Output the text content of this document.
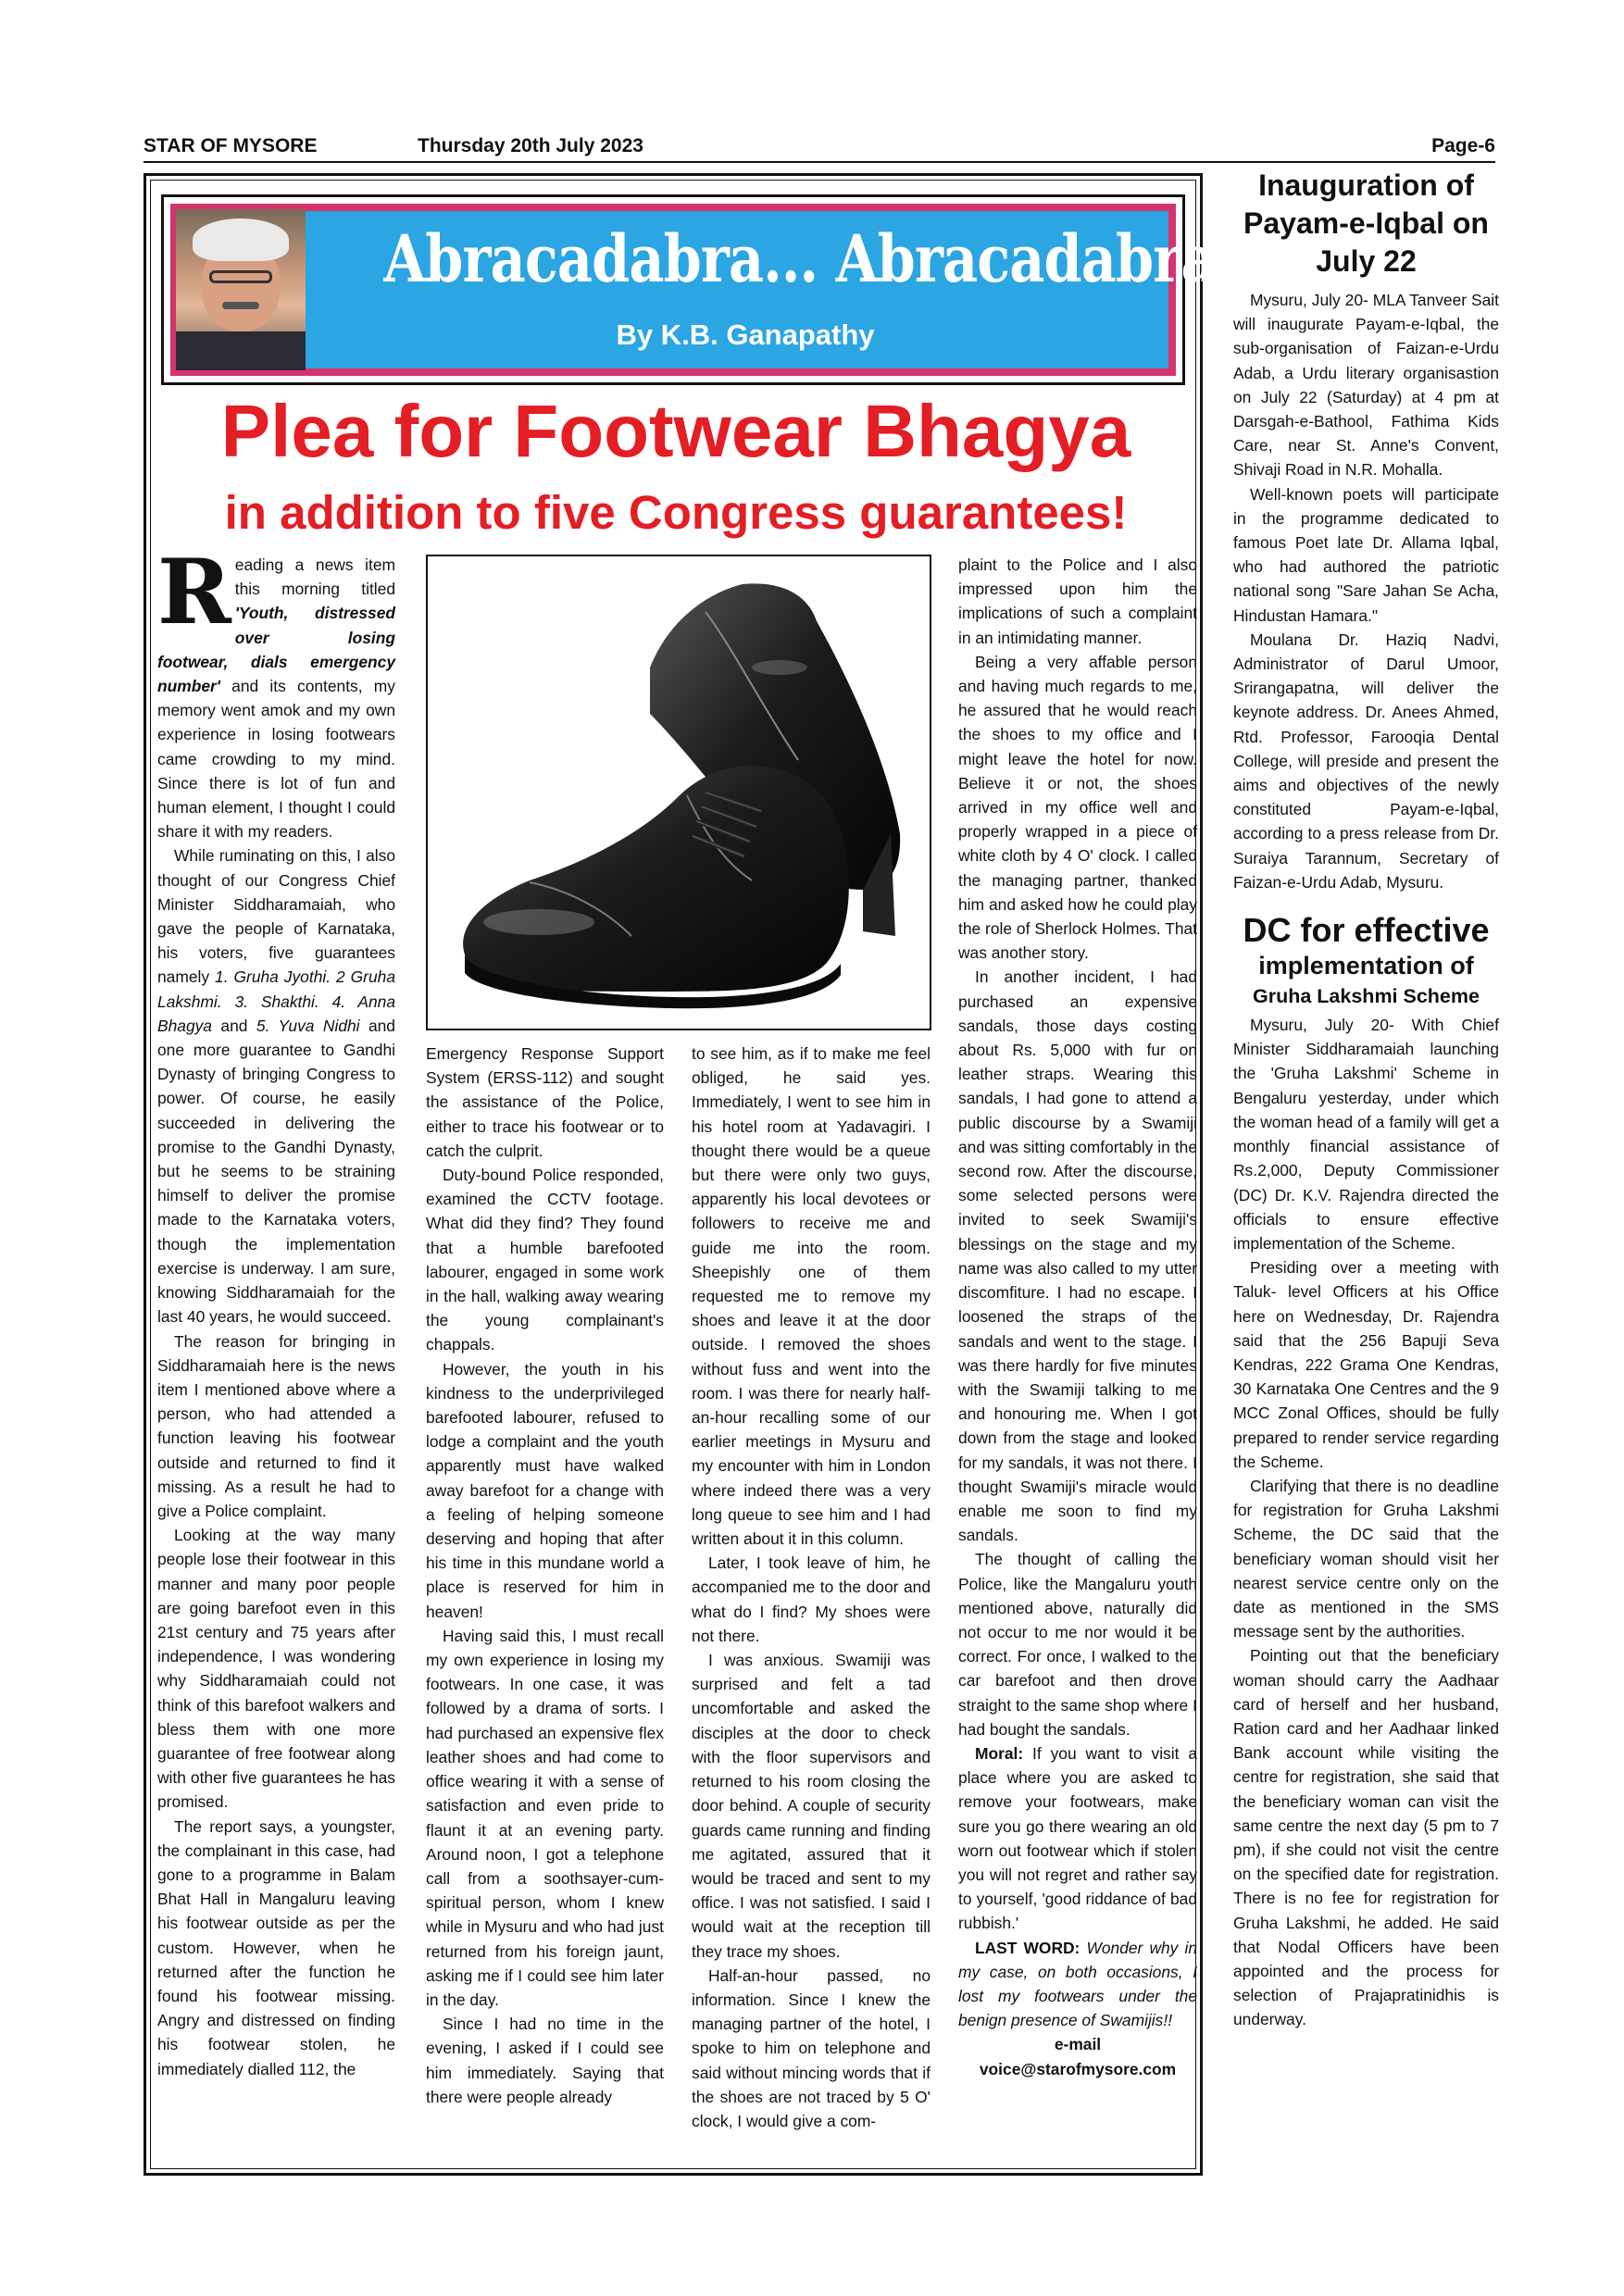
STAR OF MYSORE	Thursday 20th July 2023	Page-6
Abracadabra... Abracadabra...
By K.B. Ganapathy
Plea for Footwear Bhagya
in addition to five Congress guarantees!

Reading a news item this morning titled 'Youth, distressed over losing footwear, dials emergency number' and its contents, my memory went amok and my own experience in losing footwears came crowding to my mind. Since there is lot of fun and human element, I thought I could share it with my readers.

While ruminating on this, I also thought of our Congress Chief Minister Siddharamaiah, who gave the people of Karnataka, his voters, five guarantees namely 1. Gruha Jyothi. 2 Gruha Lakshmi. 3. Shakthi. 4. Anna Bhagya and 5. Yuva Nidhi and one more guarantee to Gandhi Dynasty of bringing Congress to power. Of course, he easily succeeded in delivering the promise to the Gandhi Dynasty, but he seems to be straining himself to deliver the promise made to the Karnataka voters, though the implementation exercise is underway. I am sure, knowing Siddharamaiah for the last 40 years, he would succeed.

The reason for bringing in Siddharamaiah here is the news item I mentioned above where a person, who had attended a function leaving his footwear outside and returned to find it missing. As a result he had to give a Police complaint.

Looking at the way many people lose their footwear in this manner and many poor people are going barefoot even in this 21st century and 75 years after independence, I was wondering why Siddharamaiah could not think of this barefoot walkers and bless them with one more guarantee of free footwear along with other five guarantees he has promised.

The report says, a youngster, the complainant in this case, had gone to a programme in Balam Bhat Hall in Mangaluru leaving his footwear outside as per the custom. However, when he returned after the function he found his footwear missing. Angry and distressed on finding his footwear stolen, he immediately dialled 112, the

Emergency Response Support System (ERSS-112) and sought the assistance of the Police, either to trace his footwear or to catch the culprit.

Duty-bound Police responded, examined the CCTV footage. What did they find? They found that a humble barefooted labourer, engaged in some work in the hall, walking away wearing the young complainant's chappals.

However, the youth in his kindness to the underprivileged barefooted labourer, refused to lodge a complaint and the youth apparently must have walked away barefoot for a change with a feeling of helping someone deserving and hoping that after his time in this mundane world a place is reserved for him in heaven!

Having said this, I must recall my own experience in losing my footwears. In one case, it was followed by a drama of sorts. I had purchased an expensive flex leather shoes and had come to office wearing it with a sense of satisfaction and even pride to flaunt it at an evening party. Around noon, I got a telephone call from a soothsayer-cum-spiritual person, whom I knew while in Mysuru and who had just returned from his foreign jaunt, asking me if I could see him later in the day.

Since I had no time in the evening, I asked if I could see him immediately. Saying that there were people already

to see him, as if to make me feel obliged, he said yes. Immediately, I went to see him in his hotel room at Yadavagiri. I thought there would be a queue but there were only two guys, apparently his local devotees or followers to receive me and guide me into the room. Sheepishly one of them requested me to remove my shoes and leave it at the door outside. I removed the shoes without fuss and went into the room. I was there for nearly half-an-hour recalling some of our earlier meetings in Mysuru and my encounter with him in London where indeed there was a very long queue to see him and I had written about it in this column.

Later, I took leave of him, he accompanied me to the door and what do I find? My shoes were not there.

I was anxious. Swamiji was surprised and felt a tad uncomfortable and asked the disciples at the door to check with the floor supervisors and returned to his room closing the door behind. A couple of security guards came running and finding me agitated, assured that it would be traced and sent to my office. I was not satisfied. I said I would wait at the reception till they trace my shoes.

Half-an-hour passed, no information. Since I knew the managing partner of the hotel, I spoke to him on telephone and said without mincing words that if the shoes are not traced by 5 O' clock, I would give a com-

plaint to the Police and I also impressed upon him the implications of such a complaint in an intimidating manner.

Being a very affable person and having much regards to me, he assured that he would reach the shoes to my office and I might leave the hotel for now. Believe it or not, the shoes arrived in my office well and properly wrapped in a piece of white cloth by 4 O' clock. I called the managing partner, thanked him and asked how he could play the role of Sherlock Holmes. That was another story.

In another incident, I had purchased an expensive sandals, those days costing about Rs. 5,000 with fur on leather straps. Wearing this sandals, I had gone to attend a public discourse by a Swamiji and was sitting comfortably in the second row. After the discourse, some selected persons were invited to seek Swamiji's blessings on the stage and my name was also called to my utter discomfiture. I had no escape. I loosened the straps of the sandals and went to the stage. I was there hardly for five minutes with the Swamiji talking to me and honouring me. When I got down from the stage and looked for my sandals, it was not there. I thought Swamiji's miracle would enable me soon to find my sandals.

The thought of calling the Police, like the Mangaluru youth mentioned above, naturally did not occur to me nor would it be correct. For once, I walked to the car barefoot and then drove straight to the same shop where I had bought the sandals.

Moral: If you want to visit a place where you are asked to remove your footwears, make sure you go there wearing an old worn out footwear which if stolen you will not regret and rather say to yourself, 'good riddance of bad rubbish.'

LAST WORD: Wonder why in my case, on both occasions, I lost my footwears under the benign presence of Swamijis!!

e-mail

voice@starofmysore.com

Inauguration of Payam-e-Iqbal on July 22

Mysuru, July 20- MLA Tanveer Sait will inaugurate Payam-e-Iqbal, the sub-organisation of Faizan-e-Urdu Adab, a Urdu literary organisastion on July 22 (Saturday) at 4 pm at Darsgah-e-Bathool, Fathima Kids Care, near St. Anne's Convent, Shivaji Road in N.R. Mohalla.

Well-known poets will participate in the programme dedicated to famous Poet late Dr. Allama Iqbal, who had authored the patriotic national song "Sare Jahan Se Acha, Hindustan Hamara."

Moulana Dr. Haziq Nadvi, Administrator of Darul Umoor, Srirangapatna, will deliver the keynote address. Dr. Anees Ahmed, Rtd. Professor, Farooqia Dental College, will preside and present the aims and objectives of the newly constituted Payam-e-Iqbal, according to a press release from Dr. Suraiya Tarannum, Secretary of Faizan-e-Urdu Adab, Mysuru.

DC for effective
implementation of
Gruha Lakshmi Scheme

Mysuru, July 20- With Chief Minister Siddharamaiah launching the 'Gruha Lakshmi' Scheme in Bengaluru yesterday, under which the woman head of a family will get a monthly financial assistance of Rs.2,000, Deputy Commissioner (DC) Dr. K.V. Rajendra directed the officials to ensure effective implementation of the Scheme.

Presiding over a meeting with Taluk- level Officers at his Office here on Wednesday, Dr. Rajendra said that the 256 Bapuji Seva Kendras, 222 Grama One Kendras, 30 Karnataka One Centres and the 9 MCC Zonal Offices, should be fully prepared to render service regarding the Scheme.

Clarifying that there is no deadline for registration for Gruha Lakshmi Scheme, the DC said that the beneficiary woman should visit her nearest service centre only on the date as mentioned in the SMS message sent by the authorities.

Pointing out that the beneficiary woman should carry the Aadhaar card of herself and her husband, Ration card and her Aadhaar linked Bank account while visiting the centre for registration, she said that the beneficiary woman can visit the same centre the next day (5 pm to 7 pm), if she could not visit the centre on the specified date for registration. There is no fee for registration for Gruha Lakshmi, he added. He said that Nodal Officers have been appointed and the process for selection of Prajapratinidhis is underway.
